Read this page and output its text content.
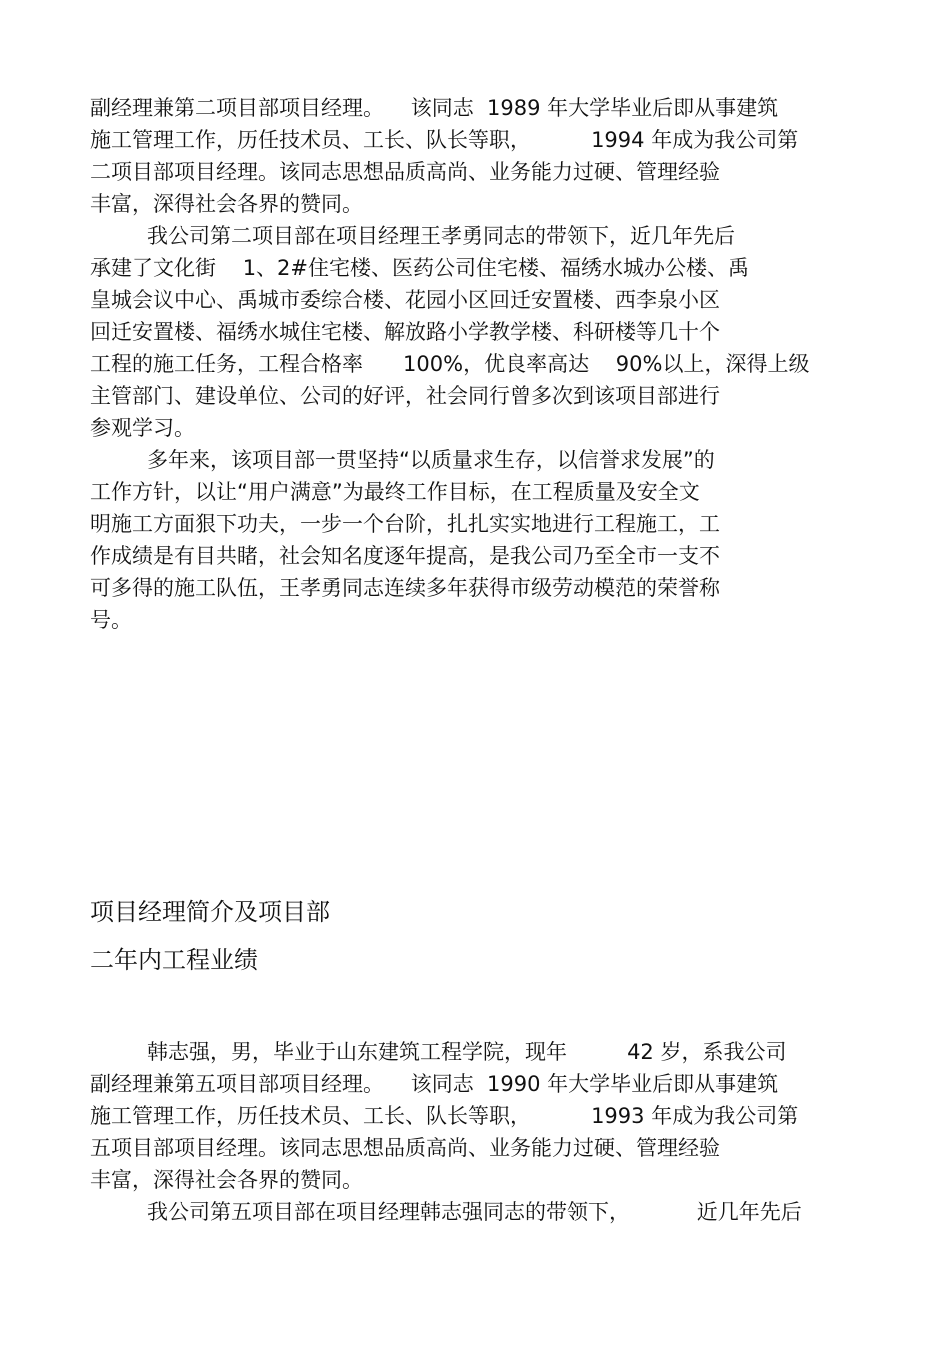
副经理兼第二项目部项目经理。    该同志  1989 年大学毕业后即从事建筑
施工管理工作，历任技术员、工长、队长等职，         1994 年成为我公司第
二项目部项目经理。该同志思想品质高尚、业务能力过硬、管理经验
丰富，深得社会各界的赞同。
我公司第二项目部在项目经理王孝勇同志的带领下，近几年先后
承建了文化街    1、2#住宅楼、医药公司住宅楼、福绣水城办公楼、禹
皇城会议中心、禹城市委综合楼、花园小区回迁安置楼、西李泉小区
回迁安置楼、福绣水城住宅楼、解放路小学教学楼、科研楼等几十个
工程的施工任务，工程合格率      100%，优良率高达    90%以上，深得上级
主管部门、建设单位、公司的好评，社会同行曾多次到该项目部进行
参观学习。
多年来，该项目部一贯坚持“以质量求生存，以信誉求发展”的
工作方针，以让“用户满意”为最终工作目标，在工程质量及安全文
明施工方面狠下功夫，一步一个台阶，扎扎实实地进行工程施工，工
作成绩是有目共睹，社会知名度逐年提高，是我公司乃至全市一支不
可多得的施工队伍，王孝勇同志连续多年获得市级劳动模范的荣誉称
号。
项目经理简介及项目部
二年内工程业绩
韩志强，男，毕业于山东建筑工程学院，现年         42 岁，系我公司
副经理兼第五项目部项目经理。    该同志  1990 年大学毕业后即从事建筑
施工管理工作，历任技术员、工长、队长等职，         1993 年成为我公司第
五项目部项目经理。该同志思想品质高尚、业务能力过硬、管理经验
丰富，深得社会各界的赞同。
我公司第五项目部在项目经理韩志强同志的带领下，          近几年先后
